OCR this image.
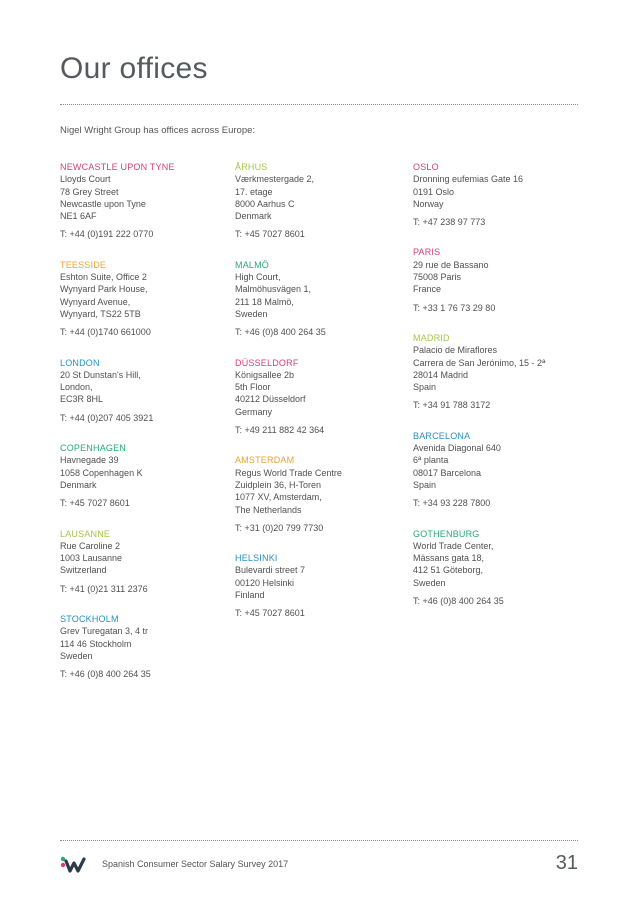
Our offices
Nigel Wright Group has offices across Europe:
NEWCASTLE UPON TYNE
Lloyds Court
78 Grey Street
Newcastle upon Tyne
NE1 6AF
T: +44 (0)191 222 0770
TEESSIDE
Eshton Suite, Office 2
Wynyard Park House,
Wynyard Avenue,
Wynyard, TS22 5TB
T: +44 (0)1740 661000
LONDON
20 St Dunstan's Hill,
London,
EC3R 8HL
T: +44 (0)207 405 3921
COPENHAGEN
Havnegade 39
1058 Copenhagen K
Denmark
T: +45 7027 8601
LAUSANNE
Rue Caroline 2
1003 Lausanne
Switzerland
T: +41 (0)21 311 2376
STOCKHOLM
Grev Turegatan 3, 4 tr
114 46 Stockholm
Sweden
T: +46 (0)8 400 264 35
ÅRHUS
Værkmestergade 2,
17. etage
8000 Aarhus C
Denmark
T: +45 7027 8601
MALMÖ
High Court,
Malmöhusvägen 1,
211 18 Malmö,
Sweden
T: +46 (0)8 400 264 35
DÜSSELDORF
Königsallee 2b
5th Floor
40212 Düsseldorf
Germany
T: +49 211 882 42 364
AMSTERDAM
Regus World Trade Centre
Zuidplein 36, H-Toren
1077 XV, Amsterdam,
The Netherlands
T: +31 (0)20 799 7730
HELSINKI
Bulevardi street 7
00120 Helsinki
Finland
T: +45 7027 8601
OSLO
Dronning eufemias Gate 16
0191 Oslo
Norway
T: +47 238 97 773
PARIS
29 rue de Bassano
75008 Paris
France
T: +33 1 76 73 29 80
MADRID
Palacio de Miraflores
Carrera de San Jerónimo, 15 - 2ª
28014 Madrid
Spain
T: +34 91 788 3172
BARCELONA
Avenida Diagonal 640
6ª planta
08017 Barcelona
Spain
T: +34 93 228 7800
GOTHENBURG
World Trade Center,
Mässans gata 18,
412 51 Göteborg,
Sweden
T: +46 (0)8 400 264 35
Spanish Consumer Sector Salary Survey 2017	31
